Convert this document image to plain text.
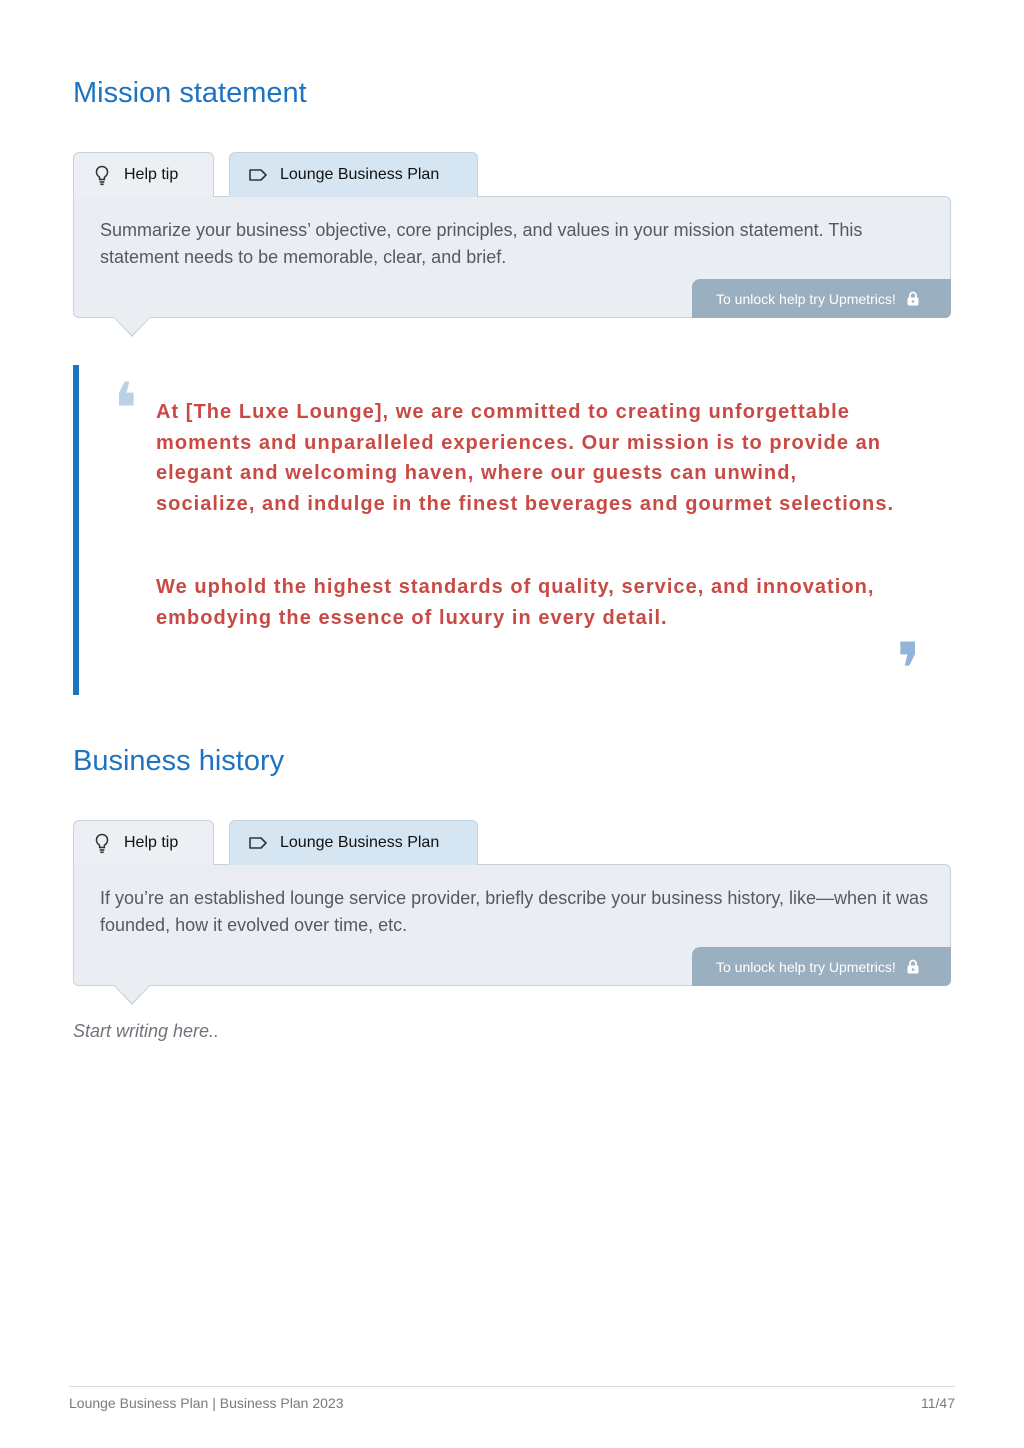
Mission statement
Help tip	Lounge Business Plan

Summarize your business’ objective, core principles, and values in your mission statement. This statement needs to be memorable, clear, and brief.

To unlock help try Upmetrics!
❛ At [The Luxe Lounge], we are committed to creating unforgettable moments and unparalleled experiences. Our mission is to provide an elegant and welcoming haven, where our guests can unwind, socialize, and indulge in the finest beverages and gourmet selections.

We uphold the highest standards of quality, service, and innovation, embodying the essence of luxury in every detail.

❜
Business history
Help tip	Lounge Business Plan

If you’re an established lounge service provider, briefly describe your business history, like—when it was founded, how it evolved over time, etc.

To unlock help try Upmetrics!

Start writing here..

Lounge Business Plan | Business Plan 2023	11/47
